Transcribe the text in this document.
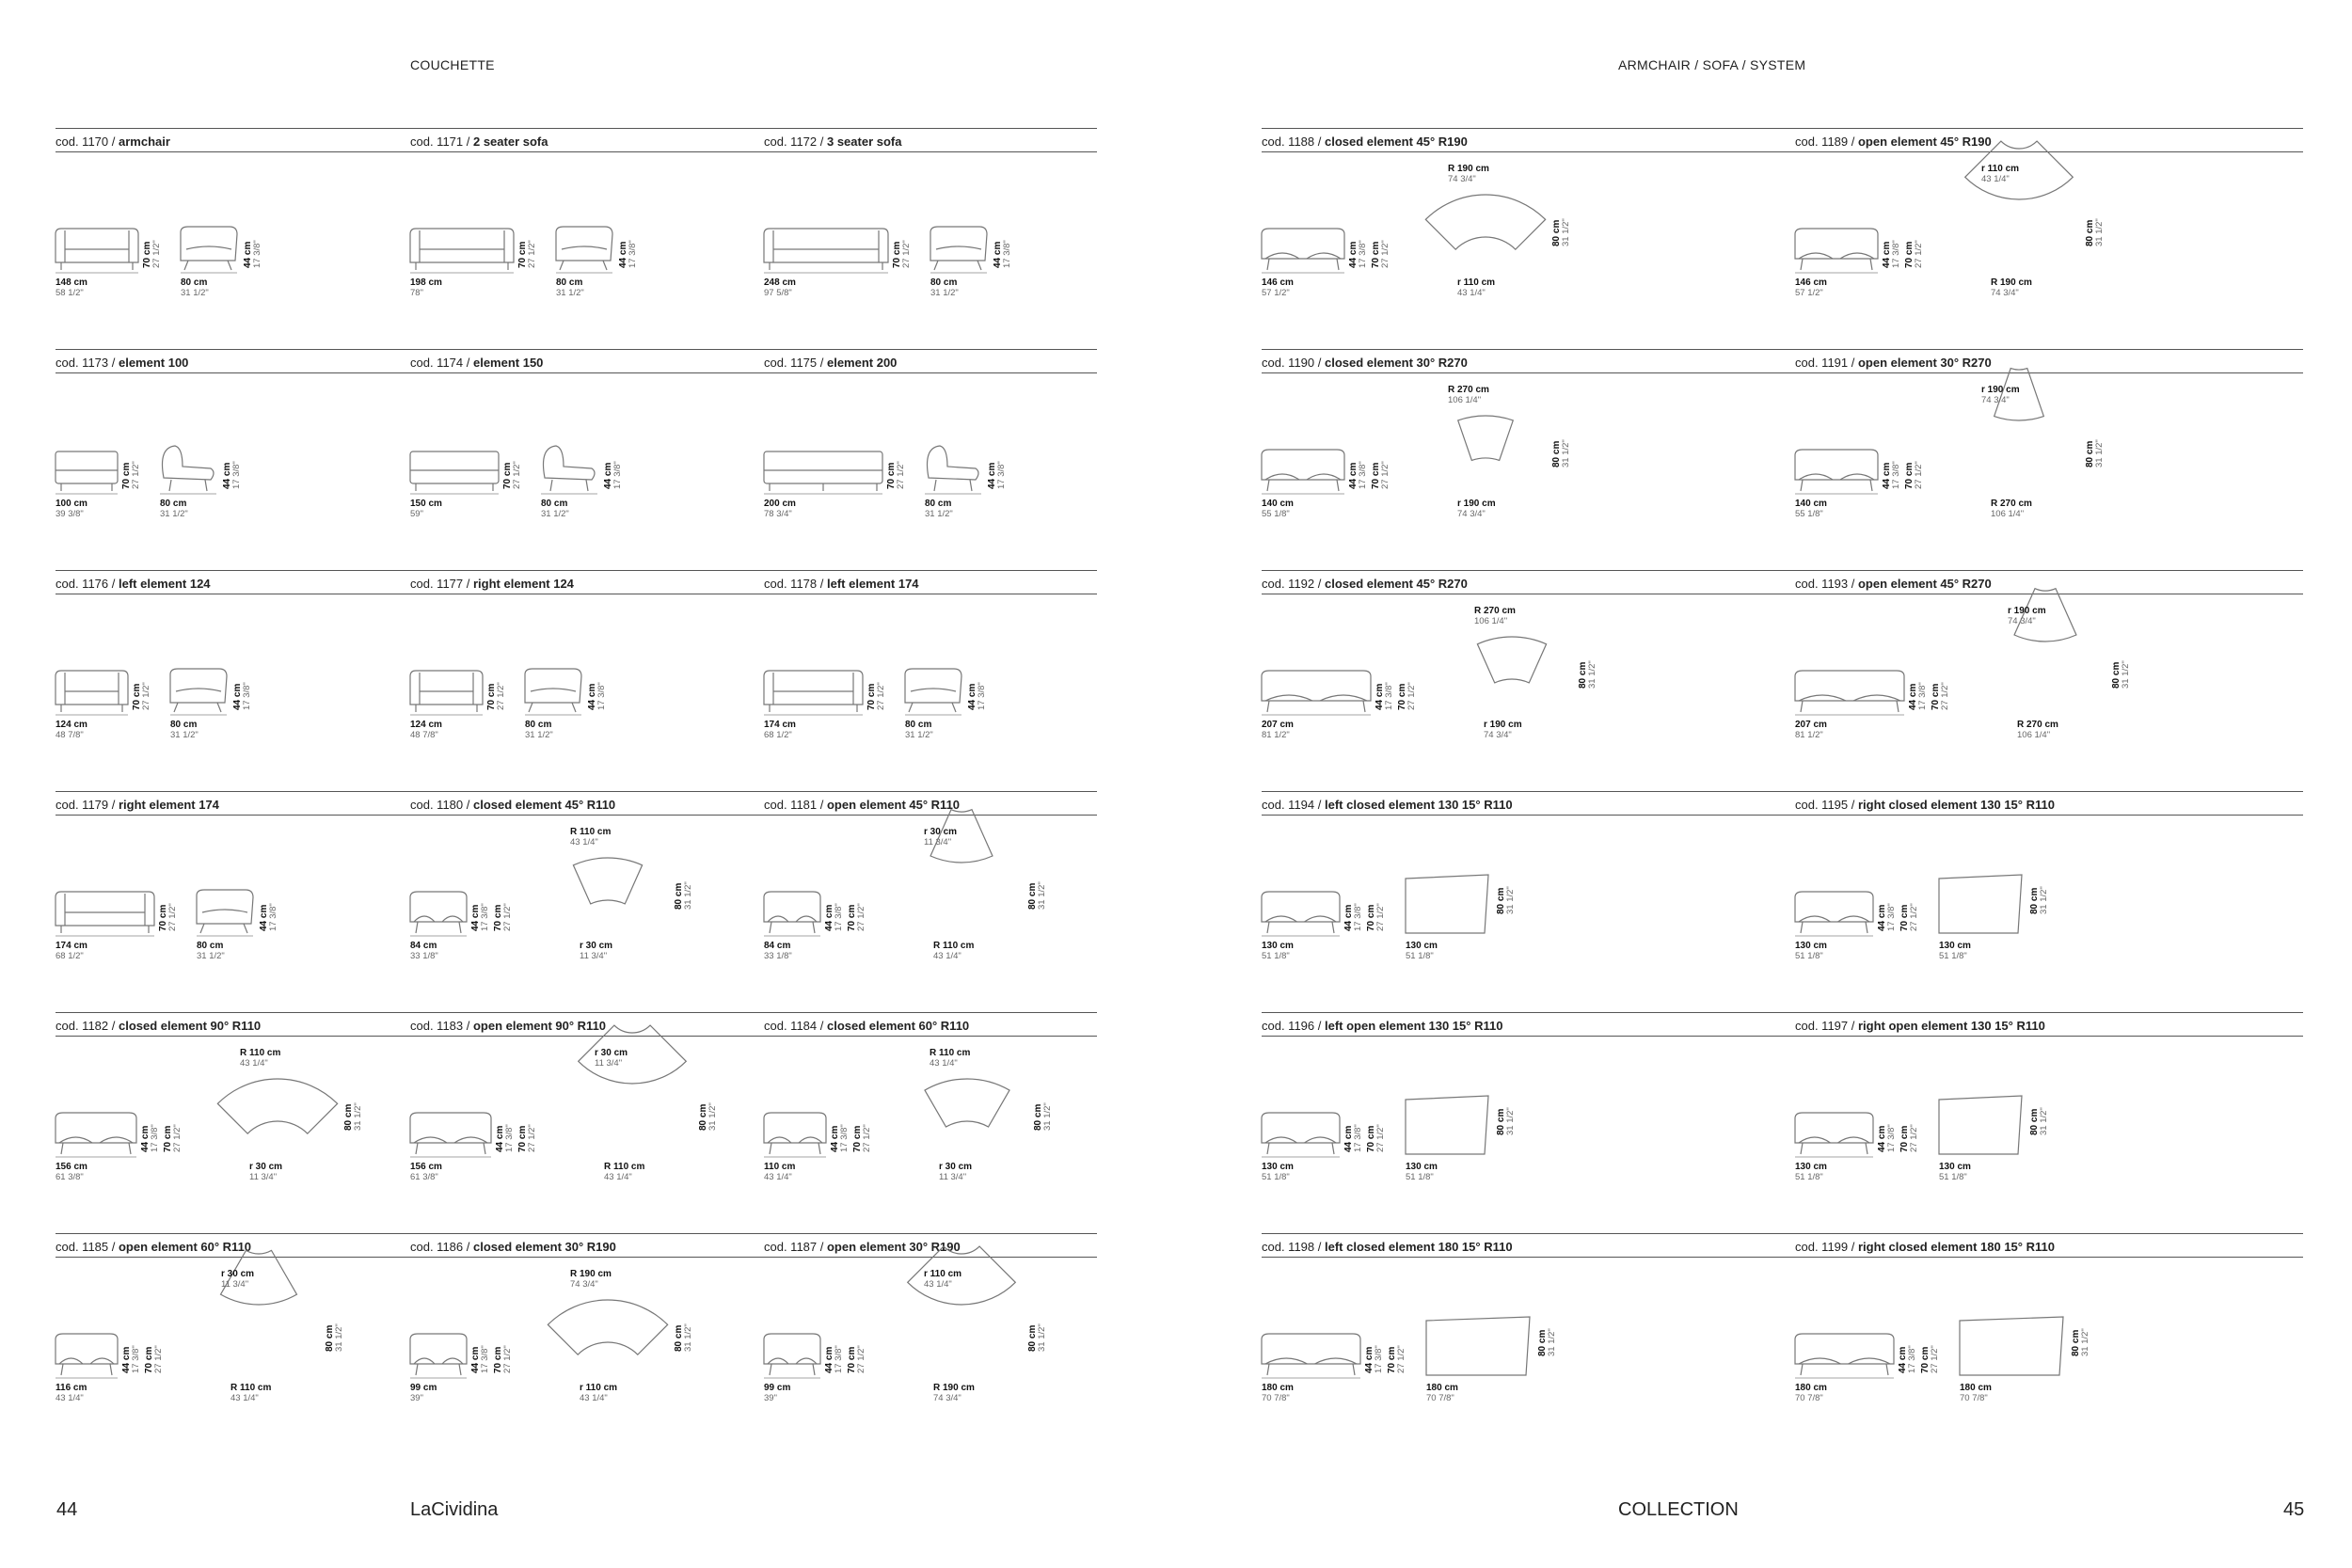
COUCHETTE
cod. 1170 / armchair
148 cm
58 1/2"
70 cm 27 1/2"
80 cm
31 1/2"
44 cm 17 3/8"
cod. 1171 / 2 seater sofa
198 cm
78"
70 cm 27 1/2"
80 cm
31 1/2"
44 cm 17 3/8"
cod. 1172 / 3 seater sofa
248 cm
97 5/8"
70 cm 27 1/2"
80 cm
31 1/2"
44 cm 17 3/8"
cod. 1173 / element 100
100 cm
39 3/8"
70 cm 27 1/2"
80 cm
31 1/2"
44 cm 17 3/8"
cod. 1174 / element 150
150 cm
59"
70 cm 27 1/2"
80 cm
31 1/2"
44 cm 17 3/8"
cod. 1175 / element 200
200 cm
78 3/4"
70 cm 27 1/2"
80 cm
31 1/2"
44 cm 17 3/8"
cod. 1176 / left element 124
124 cm
48 7/8"
70 cm 27 1/2"
80 cm
31 1/2"
44 cm 17 3/8"
cod. 1177 / right element 124
124 cm
48 7/8"
70 cm 27 1/2"
80 cm
31 1/2"
44 cm 17 3/8"
cod. 1178 / left element 174
174 cm
68 1/2"
70 cm 27 1/2"
80 cm
31 1/2"
44 cm 17 3/8"
cod. 1179 / right element 174
174 cm
68 1/2"
70 cm 27 1/2"
80 cm
31 1/2"
44 cm 17 3/8"
cod. 1180 / closed element 45° R110
84 cm
33 1/8"
44 cm 17 3/8" 70 cm 27 1/2"
R 110 cm
43 1/4"
r 30 cm
11 3/4"
80 cm 31 1/2"
cod. 1181 / open element 45° R110
84 cm
33 1/8"
44 cm 17 3/8" 70 cm 27 1/2"
r 30 cm
11 3/4"
R 110 cm
43 1/4"
80 cm 31 1/2"
cod. 1182 / closed element 90° R110
156 cm
61 3/8"
44 cm 17 3/8" 70 cm 27 1/2"
R 110 cm
43 1/4"
r 30 cm
11 3/4"
80 cm 31 1/2"
cod. 1183 / open element 90° R110
156 cm
61 3/8"
44 cm 17 3/8" 70 cm 27 1/2"
r 30 cm
11 3/4"
R 110 cm
43 1/4"
80 cm 31 1/2"
cod. 1184 / closed element 60° R110
110 cm
43 1/4"
44 cm 17 3/8" 70 cm 27 1/2"
R 110 cm
43 1/4"
r 30 cm
11 3/4"
80 cm 31 1/2"
cod. 1185 / open element 60° R110
116 cm
43 1/4"
44 cm 17 3/8" 70 cm 27 1/2"
r 30 cm
11 3/4"
R 110 cm
43 1/4"
80 cm 31 1/2"
cod. 1186 / closed element 30° R190
99 cm
39"
44 cm 17 3/8" 70 cm 27 1/2"
R 190 cm
74 3/4"
r 110 cm
43 1/4"
80 cm 31 1/2"
cod. 1187 / open element 30° R190
99 cm
39"
44 cm 17 3/8" 70 cm 27 1/2"
r 110 cm
43 1/4"
R 190 cm
74 3/4"
80 cm 31 1/2"
44	LaCividina
ARMCHAIR / SOFA / SYSTEM
cod. 1188 / closed element 45° R190
146 cm
57 1/2"
44 cm 17 3/8" 70 cm 27 1/2"
R 190 cm
74 3/4"
r 110 cm
43 1/4"
80 cm 31 1/2"
cod. 1189 / open element 45° R190
146 cm
57 1/2"
44 cm 17 3/8" 70 cm 27 1/2"
r 110 cm
43 1/4"
R 190 cm
74 3/4"
80 cm 31 1/2"
cod. 1190 / closed element 30° R270
140 cm
55 1/8"
44 cm 17 3/8" 70 cm 27 1/2"
R 270 cm
106 1/4"
r 190 cm
74 3/4"
80 cm 31 1/2"
cod. 1191 / open element 30° R270
140 cm
55 1/8"
44 cm 17 3/8" 70 cm 27 1/2"
r 190 cm
74 3/4"
R 270 cm
106 1/4"
80 cm 31 1/2"
cod. 1192 / closed element 45° R270
207 cm
81 1/2"
44 cm 17 3/8" 70 cm 27 1/2"
R 270 cm
106 1/4"
r 190 cm
74 3/4"
80 cm 31 1/2"
cod. 1193 / open element 45° R270
207 cm
81 1/2"
44 cm 17 3/8" 70 cm 27 1/2"
r 190 cm
74 3/4"
R 270 cm
106 1/4"
80 cm 31 1/2"
cod. 1194 / left closed element 130 15° R110
130 cm
51 1/8"
44 cm 17 3/8" 70 cm 27 1/2"
130 cm
51 1/8"
80 cm 31 1/2"
cod. 1195 / right closed element 130 15° R110
130 cm
51 1/8"
44 cm 17 3/8" 70 cm 27 1/2"
130 cm
51 1/8"
80 cm 31 1/2"
cod. 1196 / left open element 130 15° R110
130 cm
51 1/8"
44 cm 17 3/8" 70 cm 27 1/2"
130 cm
51 1/8"
80 cm 31 1/2"
cod. 1197 / right open element 130 15° R110
130 cm
51 1/8"
44 cm 17 3/8" 70 cm 27 1/2"
130 cm
51 1/8"
80 cm 31 1/2"
cod. 1198 / left closed element 180 15° R110
180 cm
70 7/8"
44 cm 17 3/8" 70 cm 27 1/2"
180 cm
70 7/8"
80 cm 31 1/2"
cod. 1199 / right closed element 180 15° R110
180 cm
70 7/8"
44 cm 17 3/8" 70 cm 27 1/2"
180 cm
70 7/8"
80 cm 31 1/2"
COLLECTION	45
